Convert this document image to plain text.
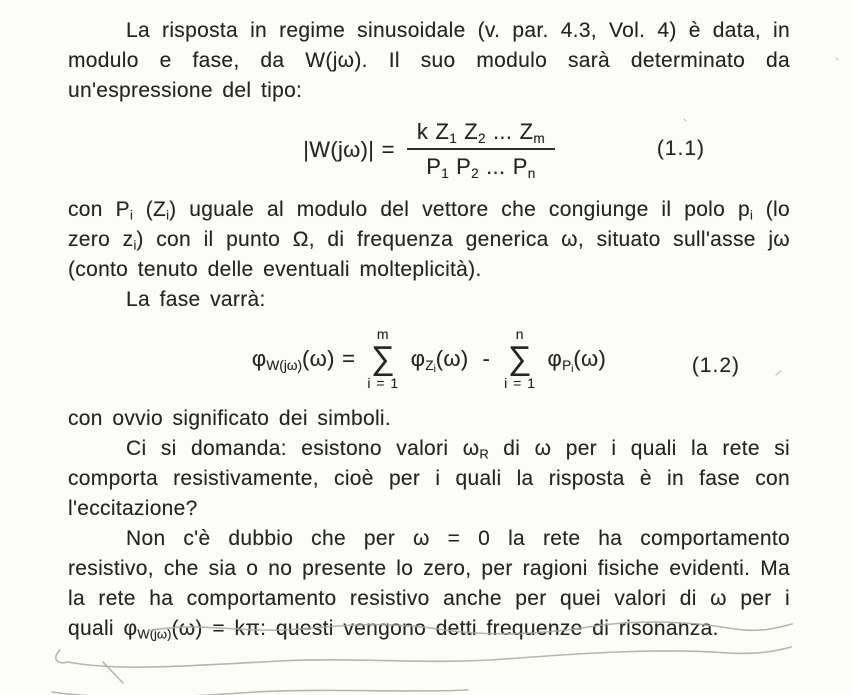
La risposta in regime sinusoidale (v. par. 4.3, Vol. 4) è data, in modulo e fase, da W(jω). Il suo modulo sarà determinato da un'espressione del tipo:

$|W(j\omega)| = \frac{k Z_1 Z_2 ... Z_m}{P_1 P_2 ... P_n}$	(1.1)

con $P_i$ $(Z_i)$ uguale al modulo del vettore che congiunge il polo $p_i$ (lo zero $z_i$) con il punto Ω, di frequenza generica ω, situato sull'asse jω (conto tenuto delle eventuali molteplicità).

La fase varrà:

$\varphi_{W(j\omega)}(\omega)$ =
m
∑
i = 1
$\varphi_{Zi}(\omega)$ -
n
∑
i = 1
$\varphi_{Pi}(\omega)$	(1.2)

con ovvio significato dei simboli.

Ci si domanda: esistono valori $\omega_R$ di ω per i quali la rete si comporta resistivamente, cioè per i quali la risposta è in fase con l'eccitazione?

Non c'è dubbio che per ω = 0 la rete ha comportamento resistivo, che sia o no presente lo zero, per ragioni fisiche evidenti. Ma la rete ha comportamento resistivo anche per quei valori di ω per i quali $\varphi_{W(j\omega)}(\omega) = k\pi$: questi vengono detti frequenze di risonanza.
